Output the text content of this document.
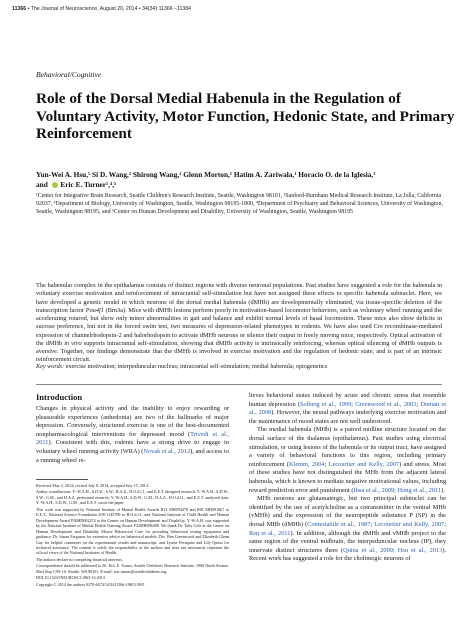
11366 • The Journal of Neuroscience, August 20, 2014 • 34(34):11366 –11384
Behavioral/Cognitive
Role of the Dorsal Medial Habenula in the Regulation of Voluntary Activity, Motor Function, Hedonic State, and Primary Reinforcement
Yun-Wei A. Hsu,¹ Si D. Wang,² Shirong Wang,² Glenn Morton,¹ Hatim A. Zariwala,¹ Horacio O. de la Iglesia,³
and Eric E. Turner¹,⁴,⁵
¹Center for Integrative Brain Research, Seattle Children's Research Institute, Seattle, Washington 98101, ²Sanford-Burnham Medical Research Institute, La Jolla, California 92037, ³Department of Biology, University of Washington, Seattle, Washington 98195-1800, ⁴Department of Psychiatry and Behavioral Sciences, University of Washington, Seattle, Washington 98195, and ⁵Center on Human Development and Disability, University of Washington, Seattle, Washington 98195
The habenular complex in the epithalamus consists of distinct regions with diverse neuronal populations. Past studies have suggested a role for the habenula in voluntary exercise motivation and reinforcement of intracranial self-stimulation but have not assigned these effects to specific habenula subnuclei. Here, we have developed a genetic model in which neurons of the dorsal medial habenula (dMHb) are developmentally eliminated, via tissue-specific deletion of the transcription factor Pou4f1 (Brn3a). Mice with dMHb lesions perform poorly in motivation-based locomotor behaviors, such as voluntary wheel running and the accelerating rotarod, but show only minor abnormalities in gait and balance and exhibit normal levels of basal locomotion. These mice also show deficits in sucrose preference, but not in the forced swim test, two measures of depression-related phenotypes in rodents. We have also used Cre recombinase-mediated expression of channelrhodopsin-2 and halorhodopsin to activate dMHb neurons or silence their output in freely moving mice, respectively. Optical activation of the dMHb in vivo supports intracranial self-stimulation, showing that dMHb activity is intrinsically reinforcing, whereas optical silencing of dMHb outputs is aversive. Together, our findings demonstrate that the dMHb is involved in exercise motivation and the regulation of hedonic state, and is part of an intrinsic reinforcement circuit.
Key words: exercise motivation; interpeduncular nucleus; intracranial self-stimulation; medial habenula; optogenetics
Introduction
Changes in physical activity and the inability to enjoy rewarding or pleasurable experiences (anhedonia) are two of the hallmarks of major depression. Conversely, structured exercise is one of the best-documented nonpharmacological interventions for depressed mood (Trivedi et al., 2011). Consistent with this, rodents have a strong drive to engage in voluntary wheel running activity (WRA) (Novak et al., 2012), and access to a running wheel re-

Received May 2, 2014; revised July 8, 2014; accepted July 15, 2014.

Author contributions: Y.-W.A.H., S.D.W., S.W., H.A.Z., H.O.d.l.I., and E.E.T. designed research; Y.-W.A.H., S.D.W., S.W., G.M., and H.A.Z. performed research; Y.-W.A.H., S.D.W., G.M., H.A.Z., H.O.d.l.I., and E.E.T. analyzed data; Y.-W.A.H., S.D.W., G.M., and E.E.T. wrote the paper.

This work was supported by National Institute of Mental Health Awards R21 MH094478 and R01 MH091667 to E.E.T., National Science Foundation IOS-1145796 to H.O.d.l.I., and National Institute of Child Health and Human Development Award P30HD002274 to the Center on Human Development and Disability. Y.-W.A.H. was supported by the National Institute of Mental Health Training Award F32MH096498. We thank Dr. Toby Cole at the Center on Human Development and Disability Mouse Behavioral Core for providing behavioral testing equipment and guidance, Dr. Susan Ferguson for extensive advice on behavioral models, Drs. Ben Greenwood and Elizabeth Glenn Gay for helpful comments on the experimental results and manuscript, and Lynise Fernquist and Lily Quinu for technical assistance. The content is solely the responsibility of the authors and does not necessarily represent the official views of the National Institutes of Health.

The authors declare no competing financial interests.

Correspondence should be addressed to Dr. Eric E. Turner, Seattle Children's Research Institute, 1900 Ninth Avenue, Mail Stop C9S-10, Seattle, WA 98101. E-mail: eric.turner@seattlechildrens.org.

DOI:10.1523/JNEUROSCI.1863-14.2014

Copyright © 2014 the authors 0270-6474/14/3411366-19$15.00/0

lieves behavioral states induced by acute and chronic stress that resemble human depression (Solberg et al., 1999; Greenwood et al., 2003; Duman et al., 2008). However, the neural pathways underlying exercise motivation and the maintenance of mood states are not well understood.
The medial habenula (MHb) is a paired midline structure located on the dorsal surface of the thalamus (epithalamus). Past studies using electrical stimulation, or using lesions of the habenula or its output tract, have assigned a variety of behavioral functions to this region, including primary reinforcement (Klemm, 2004; Lecourtier and Kelly, 2007) and stress. Most of these studies have not distinguished the MHb from the adjacent lateral habenula, which is known to mediate negative motivational values, including reward prediction error and punishment (Ihsu et al., 2009; Hong et al., 2011).
MHb neurons are glutamatergic, but two principal subnuclei can be identified by the use of acetylcholine as a cotransmitter in the ventral MHb (vMHb) and the expression of the neuropeptide substance P (SP) in the dorsal MHb (dMHb) (Contestabile et al., 1987; Lecourtier and Kelly, 2007; Ren et al., 2011). In addition, although the dMHb and vMHb project to the same region of the ventral midbrain, the interpeduncular nucleus (IP), they innervate distinct structures there (Quina et al., 2009; Hsu et al., 2013). Recent work has suggested a role for the cholinergic neurons of
